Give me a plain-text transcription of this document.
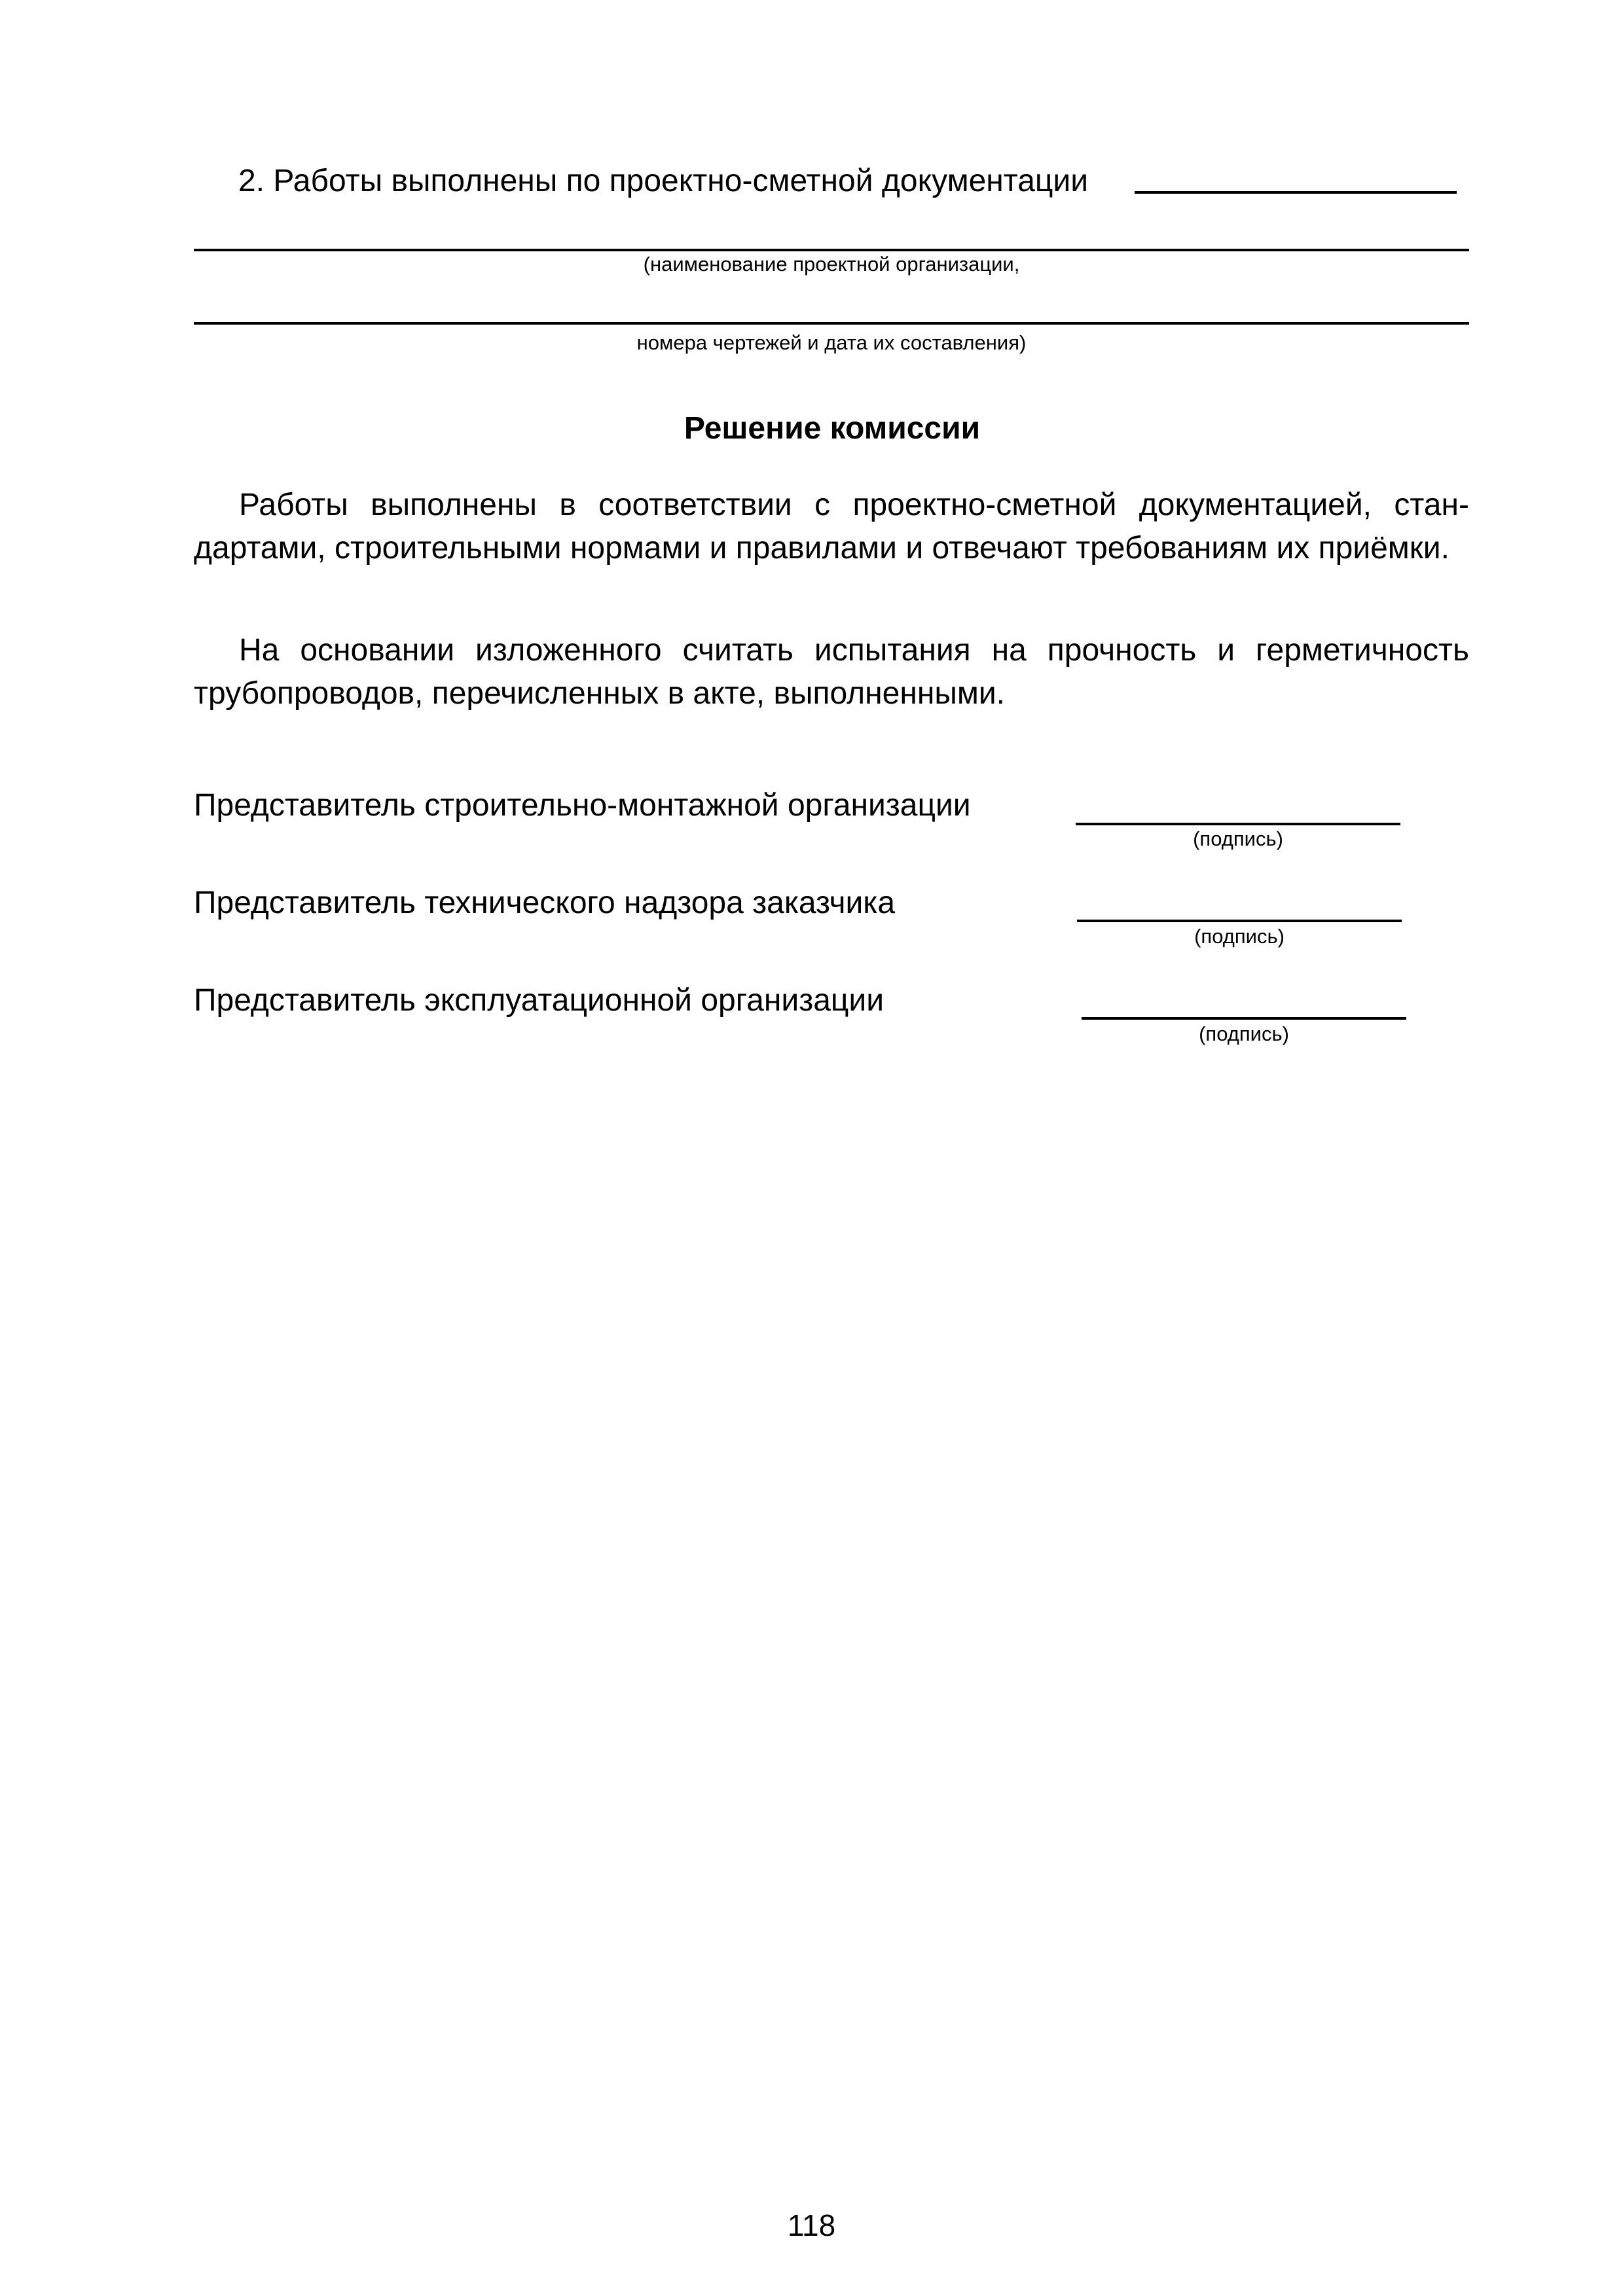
2. Работы выполнены по проектно-сметной документации
(наименование проектной организации,
номера чертежей и дата их составления)
Решение комиссии
Работы выполнены в соответствии с проектно-сметной документацией, стандартами, строительными нормами и правилами и отвечают требованиям их приёмки.
На основании изложенного считать испытания на прочность и герметичность трубопроводов, перечисленных в акте, выполненными.
Представитель строительно-монтажной организации
(подпись)
Представитель технического надзора заказчика
(подпись)
Представитель эксплуатационной организации
(подпись)
118
